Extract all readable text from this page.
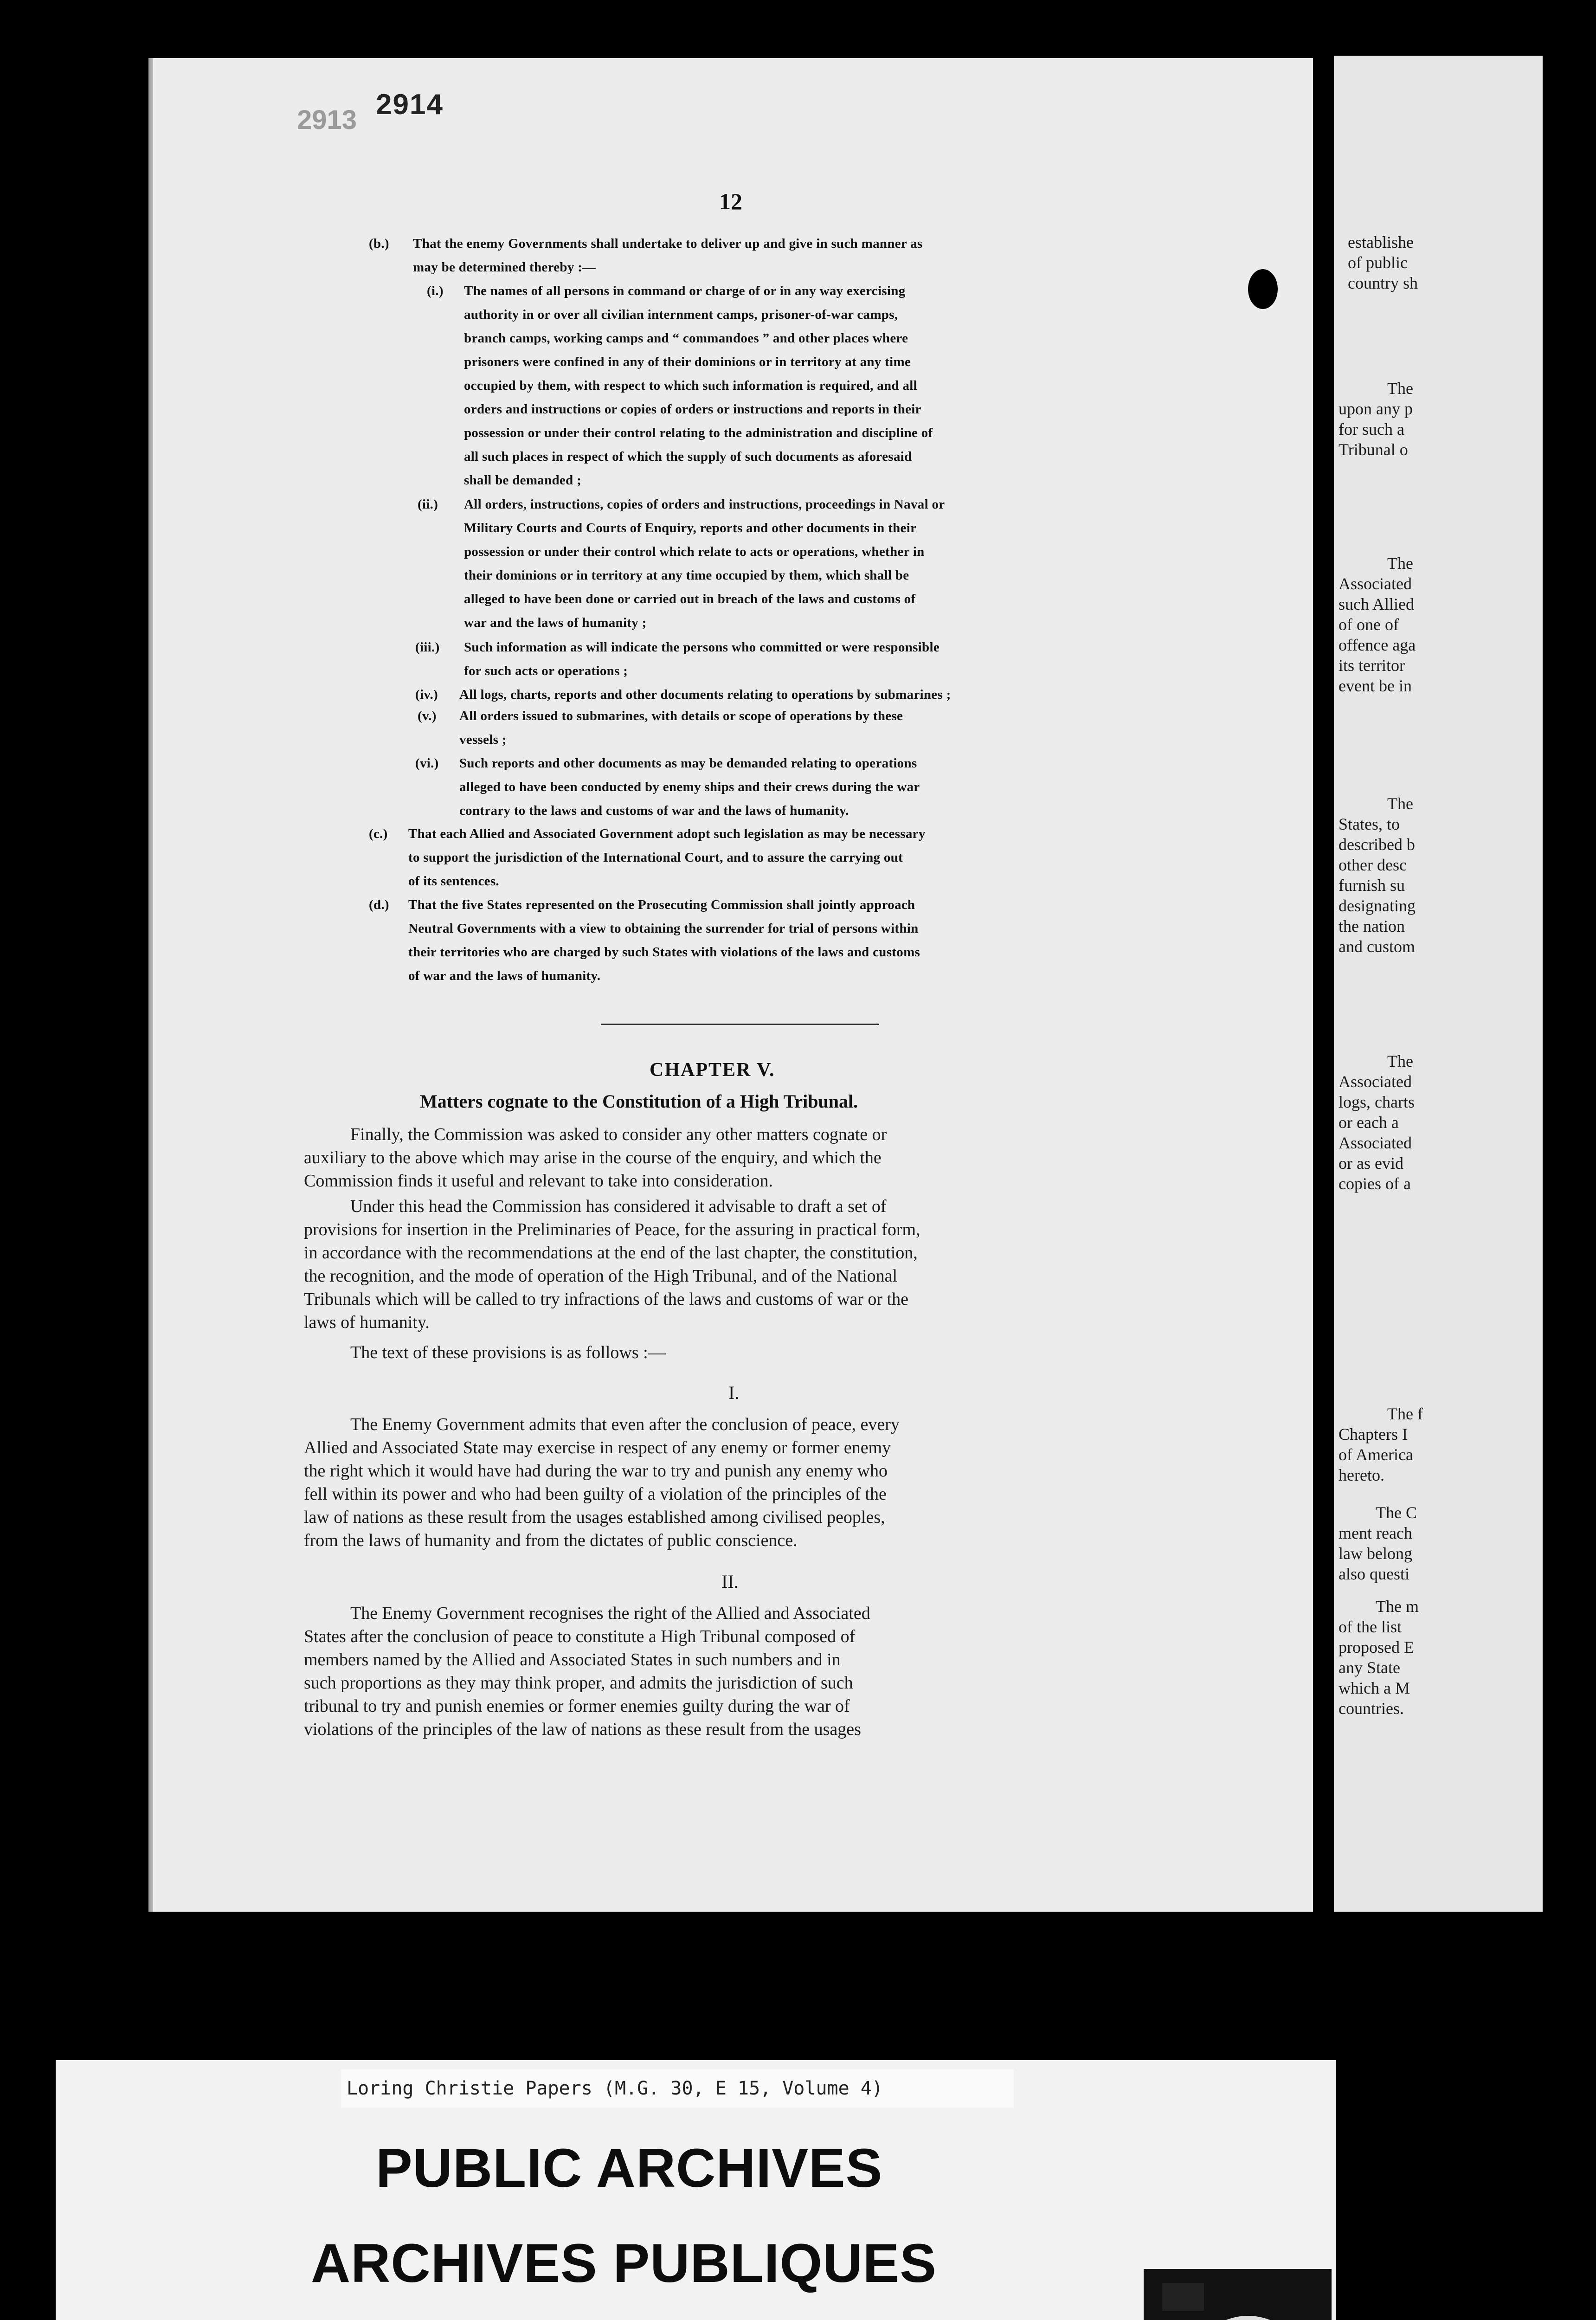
2913 2914
12
(b.) That the enemy Governments shall undertake to deliver up and give in such manner as
may be determined thereby :—
(i.) The names of all persons in command or charge of or in any way exercising
authority in or over all civilian internment camps, prisoner-of-war camps,
branch camps, working camps and “ commandoes ” and other places where
prisoners were confined in any of their dominions or in territory at any time
occupied by them, with respect to which such information is required, and all
orders and instructions or copies of orders or instructions and reports in their
possession or under their control relating to the administration and discipline of
all such places in respect of which the supply of such documents as aforesaid
shall be demanded ;
(ii.) All orders, instructions, copies of orders and instructions, proceedings in Naval or
Military Courts and Courts of Enquiry, reports and other documents in their
possession or under their control which relate to acts or operations, whether in
their dominions or in territory at any time occupied by them, which shall be
alleged to have been done or carried out in breach of the laws and customs of
war and the laws of humanity ;
(iii.) Such information as will indicate the persons who committed or were responsible
for such acts or operations ;
(iv.) All logs, charts, reports and other documents relating to operations by submarines ;
(v.) All orders issued to submarines, with details or scope of operations by these
vessels ;
(vi.) Such reports and other documents as may be demanded relating to operations
alleged to have been conducted by enemy ships and their crews during the war
contrary to the laws and customs of war and the laws of humanity.
(c.) That each Allied and Associated Government adopt such legislation as may be necessary
to support the jurisdiction of the International Court, and to assure the carrying out
of its sentences.
(d.) That the five States represented on the Prosecuting Commission shall jointly approach
Neutral Governments with a view to obtaining the surrender for trial of persons within
their territories who are charged by such States with violations of the laws and customs
of war and the laws of humanity.
CHAPTER V.
Matters cognate to the Constitution of a High Tribunal.
Finally, the Commission was asked to consider any other matters cognate or
auxiliary to the above which may arise in the course of the enquiry, and which the
Commission finds it useful and relevant to take into consideration.
Under this head the Commission has considered it advisable to draft a set of
provisions for insertion in the Preliminaries of Peace, for the assuring in practical form,
in accordance with the recommendations at the end of the last chapter, the constitution,
the recognition, and the mode of operation of the High Tribunal, and of the National
Tribunals which will be called to try infractions of the laws and customs of war or the
laws of humanity.
The text of these provisions is as follows :—
I.
The Enemy Government admits that even after the conclusion of peace, every
Allied and Associated State may exercise in respect of any enemy or former enemy
the right which it would have had during the war to try and punish any enemy who
fell within its power and who had been guilty of a violation of the principles of the
law of nations as these result from the usages established among civilised peoples,
from the laws of humanity and from the dictates of public conscience.
II.
The Enemy Government recognises the right of the Allied and Associated
States after the conclusion of peace to constitute a High Tribunal composed of
members named by the Allied and Associated States in such numbers and in
such proportions as they may think proper, and admits the jurisdiction of such
tribunal to try and punish enemies or former enemies guilty during the war of
violations of the principles of the law of nations as these result from the usages
establishe
of public
country sh
The
upon any p
for such a
Tribunal o
The
Associated
such Allied
of one of
offence aga
its territor
event be in
The
States, to
described b
other desc
furnish su
designating
the nation
and custom
The
Associated
logs, charts
or each a
Associated
or as evid
copies of a
The f
Chapters I
of America
hereto.
The C
ment reach
law belong
also questi
The m
of the list
proposed E
any State
which a M
countries.
Loring Christie Papers (M.G. 30, E 15, Volume 4)
PUBLIC ARCHIVES
ARCHIVES PUBLIQUES
